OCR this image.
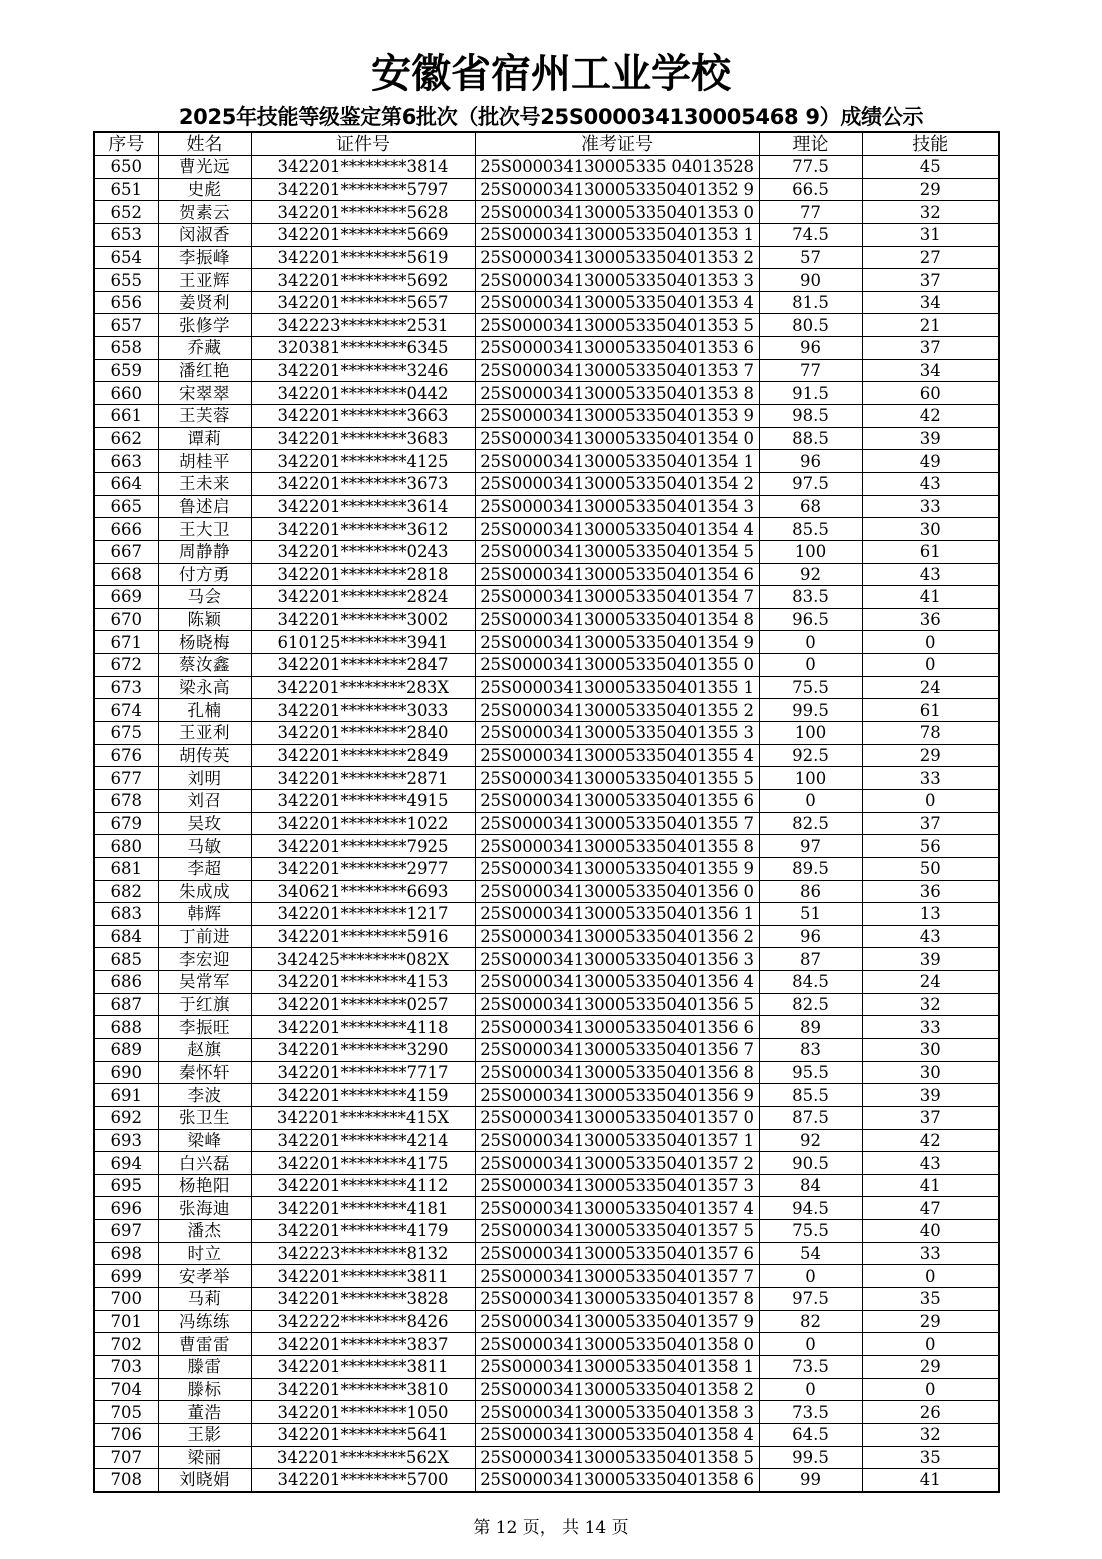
安徽省宿州工业学校
2025年技能等级鉴定第6批次（批次号25S000034130005468 9）成绩公示
序号	姓名	证件号	准考证号	理论	技能
650	曹光远	342201********3814	25S000034130005335 04013528	77.5	45
651	史彪	342201********5797	25S0000341300053350401352 9	66.5	29
652	贺素云	342201********5628	25S0000341300053350401353 0	77	32
653	闵淑香	342201********5669	25S0000341300053350401353 1	74.5	31
654	李振峰	342201********5619	25S0000341300053350401353 2	57	27
655	王亚辉	342201********5692	25S0000341300053350401353 3	90	37
656	姜贤利	342201********5657	25S0000341300053350401353 4	81.5	34
657	张修学	342223********2531	25S0000341300053350401353 5	80.5	21
658	乔藏	320381********6345	25S0000341300053350401353 6	96	37
659	潘红艳	342201********3246	25S0000341300053350401353 7	77	34
660	宋翠翠	342201********0442	25S0000341300053350401353 8	91.5	60
661	王芙蓉	342201********3663	25S0000341300053350401353 9	98.5	42
662	谭莉	342201********3683	25S0000341300053350401354 0	88.5	39
663	胡桂平	342201********4125	25S0000341300053350401354 1	96	49
664	王未来	342201********3673	25S0000341300053350401354 2	97.5	43
665	鲁述启	342201********3614	25S0000341300053350401354 3	68	33
666	王大卫	342201********3612	25S0000341300053350401354 4	85.5	30
667	周静静	342201********0243	25S0000341300053350401354 5	100	61
668	付方勇	342201********2818	25S0000341300053350401354 6	92	43
669	马会	342201********2824	25S0000341300053350401354 7	83.5	41
670	陈颖	342201********3002	25S0000341300053350401354 8	96.5	36
671	杨晓梅	610125********3941	25S0000341300053350401354 9	0	0
672	蔡汝鑫	342201********2847	25S0000341300053350401355 0	0	0
673	梁永高	342201********283X	25S0000341300053350401355 1	75.5	24
674	孔楠	342201********3033	25S0000341300053350401355 2	99.5	61
675	王亚利	342201********2840	25S0000341300053350401355 3	100	78
676	胡传英	342201********2849	25S0000341300053350401355 4	92.5	29
677	刘明	342201********2871	25S0000341300053350401355 5	100	33
678	刘召	342201********4915	25S0000341300053350401355 6	0	0
679	吴玫	342201********1022	25S0000341300053350401355 7	82.5	37
680	马敏	342201********7925	25S0000341300053350401355 8	97	56
681	李超	342201********2977	25S0000341300053350401355 9	89.5	50
682	朱成成	340621********6693	25S0000341300053350401356 0	86	36
683	韩辉	342201********1217	25S0000341300053350401356 1	51	13
684	丁前进	342201********5916	25S0000341300053350401356 2	96	43
685	李宏迎	342425********082X	25S0000341300053350401356 3	87	39
686	吴常军	342201********4153	25S0000341300053350401356 4	84.5	24
687	于红旗	342201********0257	25S0000341300053350401356 5	82.5	32
688	李振旺	342201********4118	25S0000341300053350401356 6	89	33
689	赵旗	342201********3290	25S0000341300053350401356 7	83	30
690	秦怀轩	342201********7717	25S0000341300053350401356 8	95.5	30
691	李波	342201********4159	25S0000341300053350401356 9	85.5	39
692	张卫生	342201********415X	25S0000341300053350401357 0	87.5	37
693	梁峰	342201********4214	25S0000341300053350401357 1	92	42
694	白兴磊	342201********4175	25S0000341300053350401357 2	90.5	43
695	杨艳阳	342201********4112	25S0000341300053350401357 3	84	41
696	张海迪	342201********4181	25S0000341300053350401357 4	94.5	47
697	潘杰	342201********4179	25S0000341300053350401357 5	75.5	40
698	时立	342223********8132	25S0000341300053350401357 6	54	33
699	安孝举	342201********3811	25S0000341300053350401357 7	0	0
700	马莉	342201********3828	25S0000341300053350401357 8	97.5	35
701	冯练练	342222********8426	25S0000341300053350401357 9	82	29
702	曹雷雷	342201********3837	25S0000341300053350401358 0	0	0
703	滕雷	342201********3811	25S0000341300053350401358 1	73.5	29
704	滕标	342201********3810	25S0000341300053350401358 2	0	0
705	董浩	342201********1050	25S0000341300053350401358 3	73.5	26
706	王影	342201********5641	25S0000341300053350401358 4	64.5	32
707	梁丽	342201********562X	25S0000341300053350401358 5	99.5	35
708	刘晓娟	342201********5700	25S0000341300053350401358 6	99	41
第 12 页， 共 14 页
